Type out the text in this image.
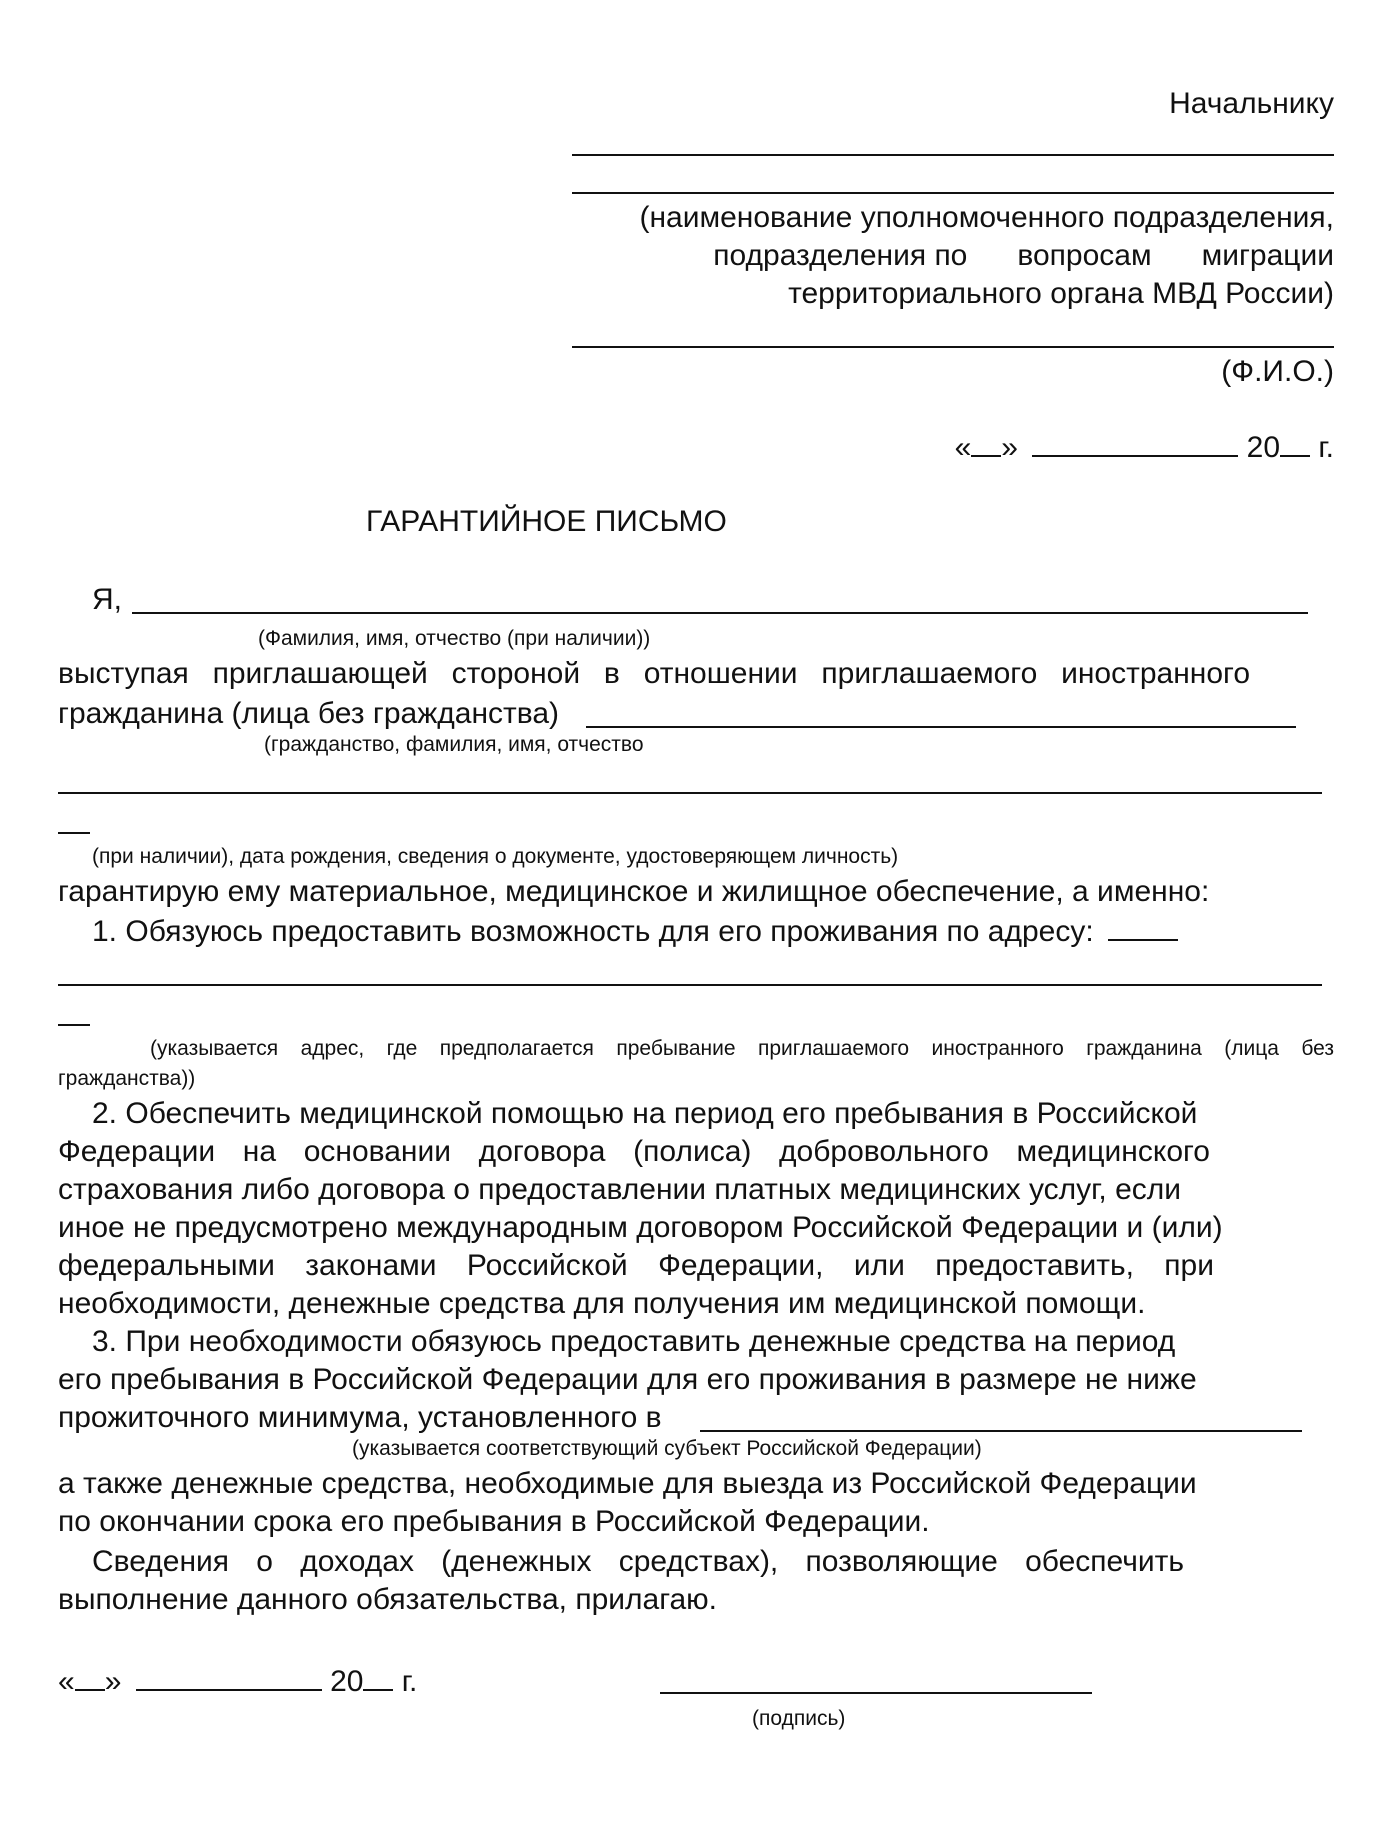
Начальнику
(наименование уполномоченного подразделения,
подразделения по      вопросам      миграции
территориального органа МВД России)
(Ф.И.О.)
« »	20 г.
ГАРАНТИЙНОЕ ПИСЬМО
Я,
(Фамилия, имя, отчество (при наличии))
выступая приглашающей стороной в отношении приглашаемого иностранного
гражданина (лица без гражданства)
(гражданство, фамилия, имя, отчество
(при наличии), дата рождения, сведения о документе, удостоверяющем личность)
гарантирую ему материальное, медицинское и жилищное обеспечение, а именно:
1. Обязуюсь предоставить возможность для его проживания по адресу:
(указывается адрес, где предполагается пребывание приглашаемого иностранного гражданина (лица без
гражданства))
2. Обеспечить медицинской помощью на период его пребывания в Российской
Федерации на основании договора (полиса) добровольного медицинского
страхования либо договора о предоставлении платных медицинских услуг, если
иное не предусмотрено международным договором Российской Федерации и (или)
федеральными законами Российской Федерации, или предоставить, при
необходимости, денежные средства для получения им медицинской помощи.
3. При необходимости обязуюсь предоставить денежные средства на период
его пребывания в Российской Федерации для его проживания в размере не ниже
прожиточного минимума, установленного в
(указывается соответствующий субъект Российской Федерации)
а также денежные средства, необходимые для выезда из Российской Федерации
по окончании срока его пребывания в Российской Федерации.
Сведения о доходах (денежных средствах), позволяющие обеспечить
выполнение данного обязательства, прилагаю.
« »	20 г.
(подпись)
